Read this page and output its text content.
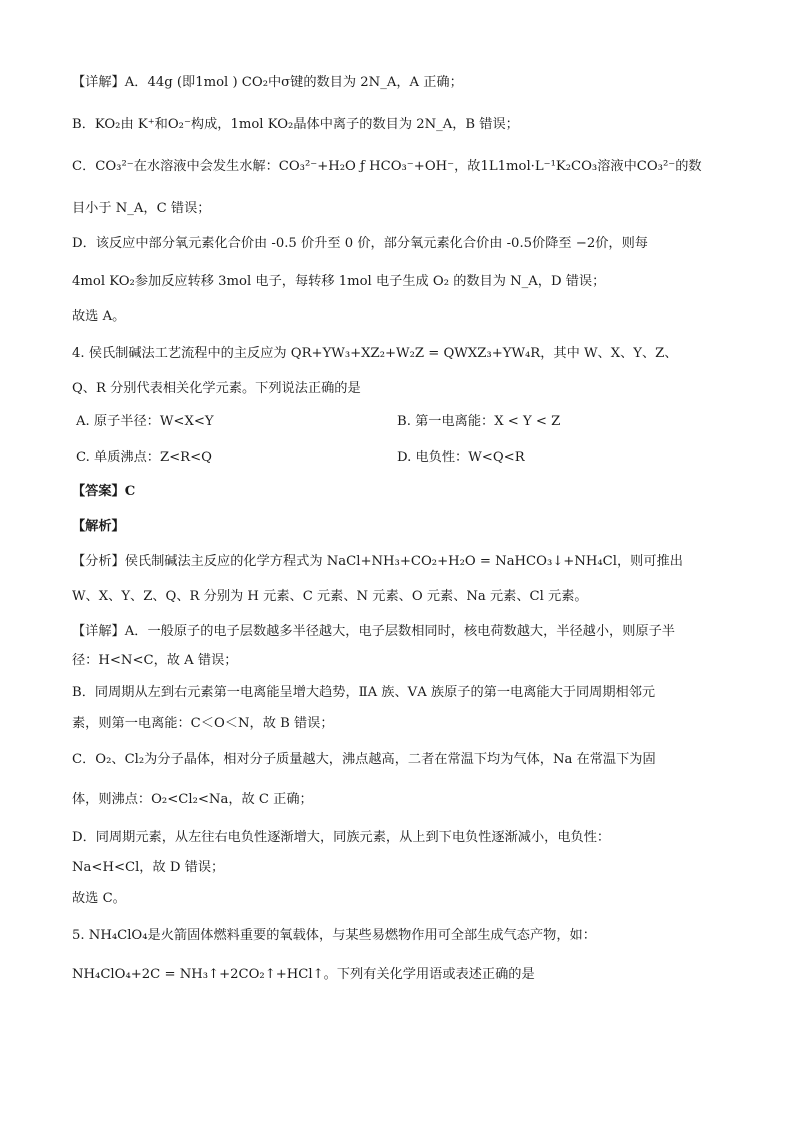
【详解】A．44g (即1mol ) CO₂中σ键的数目为 2N_A，A 正确；
B．KO₂由 K⁺和O₂⁻构成，1mol KO₂晶体中离子的数目为 2N_A，B 错误；
C．CO₃²⁻在水溶液中会发生水解：CO₃²⁻+H₂O ƒ HCO₃⁻+OH⁻，故1L1mol·L⁻¹K₂CO₃溶液中CO₃²⁻的数
目小于 N_A，C 错误；
D．该反应中部分氧元素化合价由 -0.5 价升至 0 价，部分氧元素化合价由 -0.5价降至 −2价，则每
4mol KO₂参加反应转移 3mol 电子，每转移 1mol 电子生成 O₂ 的数目为 N_A，D 错误；
故选 A。
4. 侯氏制碱法工艺流程中的主反应为 QR+YW₃+XZ₂+W₂Z = QWXZ₃+YW₄R，其中 W、X、Y、Z、
Q、R 分别代表相关化学元素。下列说法正确的是
A. 原子半径：W<X<Y	B. 第一电离能：X < Y < Z
C. 单质沸点：Z<R<Q	D. 电负性：W<Q<R
【答案】C
【解析】
【分析】侯氏制碱法主反应的化学方程式为 NaCl+NH₃+CO₂+H₂O = NaHCO₃↓+NH₄Cl，则可推出
W、X、Y、Z、Q、R 分别为 H 元素、C 元素、N 元素、O 元素、Na 元素、Cl 元素。
【详解】A．一般原子的电子层数越多半径越大，电子层数相同时，核电荷数越大，半径越小，则原子半
径：H<N<C，故 A 错误；
B．同周期从左到右元素第一电离能呈增大趋势，ⅡA 族、ⅤA 族原子的第一电离能大于同周期相邻元
素，则第一电离能：C＜O＜N，故 B 错误；
C．O₂、Cl₂为分子晶体，相对分子质量越大，沸点越高，二者在常温下均为气体，Na 在常温下为固
体，则沸点：O₂<Cl₂<Na，故 C 正确；
D．同周期元素，从左往右电负性逐渐增大，同族元素，从上到下电负性逐渐减小，电负性：
Na<H<Cl，故 D 错误；
故选 C。
5. NH₄ClO₄是火箭固体燃料重要的氧载体，与某些易燃物作用可全部生成气态产物，如：
NH₄ClO₄+2C = NH₃↑+2CO₂↑+HCl↑。下列有关化学用语或表述正确的是
